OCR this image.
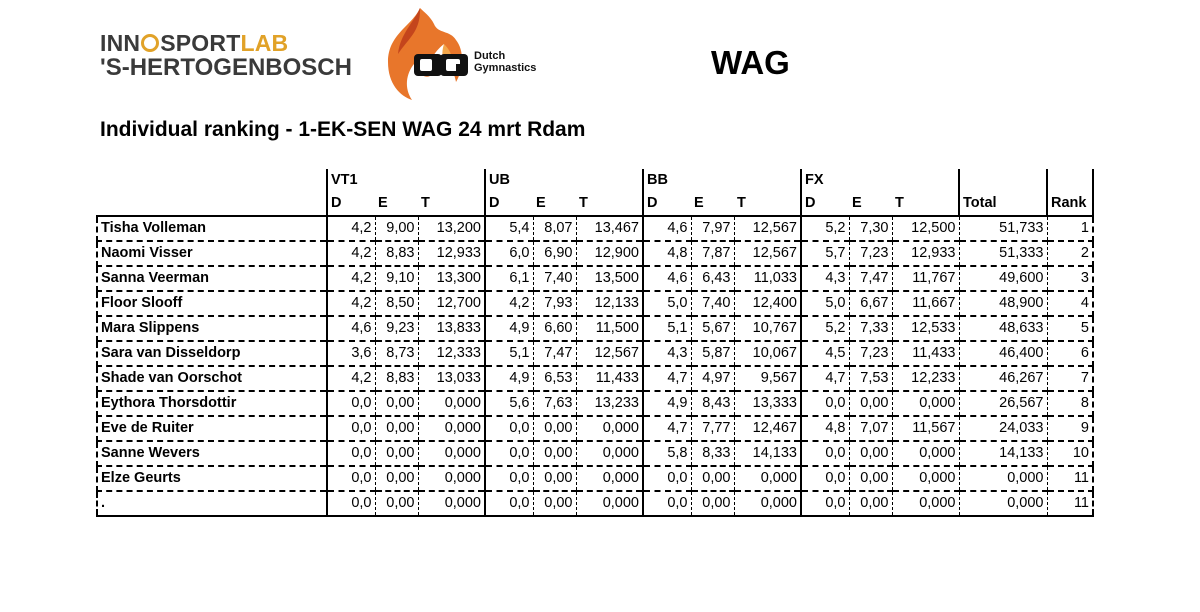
INN SPORTLAB
'S-HERTOGENBOSCH	Dutch
Gymnastics	WAG
Individual ranking - 1-EK-SEN WAG 24 mrt Rdam
	VT1			UB			BB			FX				
	D	E	T	D	E	T	D	E	T	D	E	T	Total	Rank
Tisha Volleman	4,2	9,00	13,200	5,4	8,07	13,467	4,6	7,97	12,567	5,2	7,30	12,500	51,733	1
Naomi Visser	4,2	8,83	12,933	6,0	6,90	12,900	4,8	7,87	12,567	5,7	7,23	12,933	51,333	2
Sanna Veerman	4,2	9,10	13,300	6,1	7,40	13,500	4,6	6,43	11,033	4,3	7,47	11,767	49,600	3
Floor Slooff	4,2	8,50	12,700	4,2	7,93	12,133	5,0	7,40	12,400	5,0	6,67	11,667	48,900	4
Mara Slippens	4,6	9,23	13,833	4,9	6,60	11,500	5,1	5,67	10,767	5,2	7,33	12,533	48,633	5
Sara van Disseldorp	3,6	8,73	12,333	5,1	7,47	12,567	4,3	5,87	10,067	4,5	7,23	11,433	46,400	6
Shade van Oorschot	4,2	8,83	13,033	4,9	6,53	11,433	4,7	4,97	9,567	4,7	7,53	12,233	46,267	7
Eythora Thorsdottir	0,0	0,00	0,000	5,6	7,63	13,233	4,9	8,43	13,333	0,0	0,00	0,000	26,567	8
Eve de Ruiter	0,0	0,00	0,000	0,0	0,00	0,000	4,7	7,77	12,467	4,8	7,07	11,567	24,033	9
Sanne Wevers	0,0	0,00	0,000	0,0	0,00	0,000	5,8	8,33	14,133	0,0	0,00	0,000	14,133	10
Elze Geurts	0,0	0,00	0,000	0,0	0,00	0,000	0,0	0,00	0,000	0,0	0,00	0,000	0,000	11
.	0,0	0,00	0,000	0,0	0,00	0,000	0,0	0,00	0,000	0,0	0,00	0,000	0,000	11
